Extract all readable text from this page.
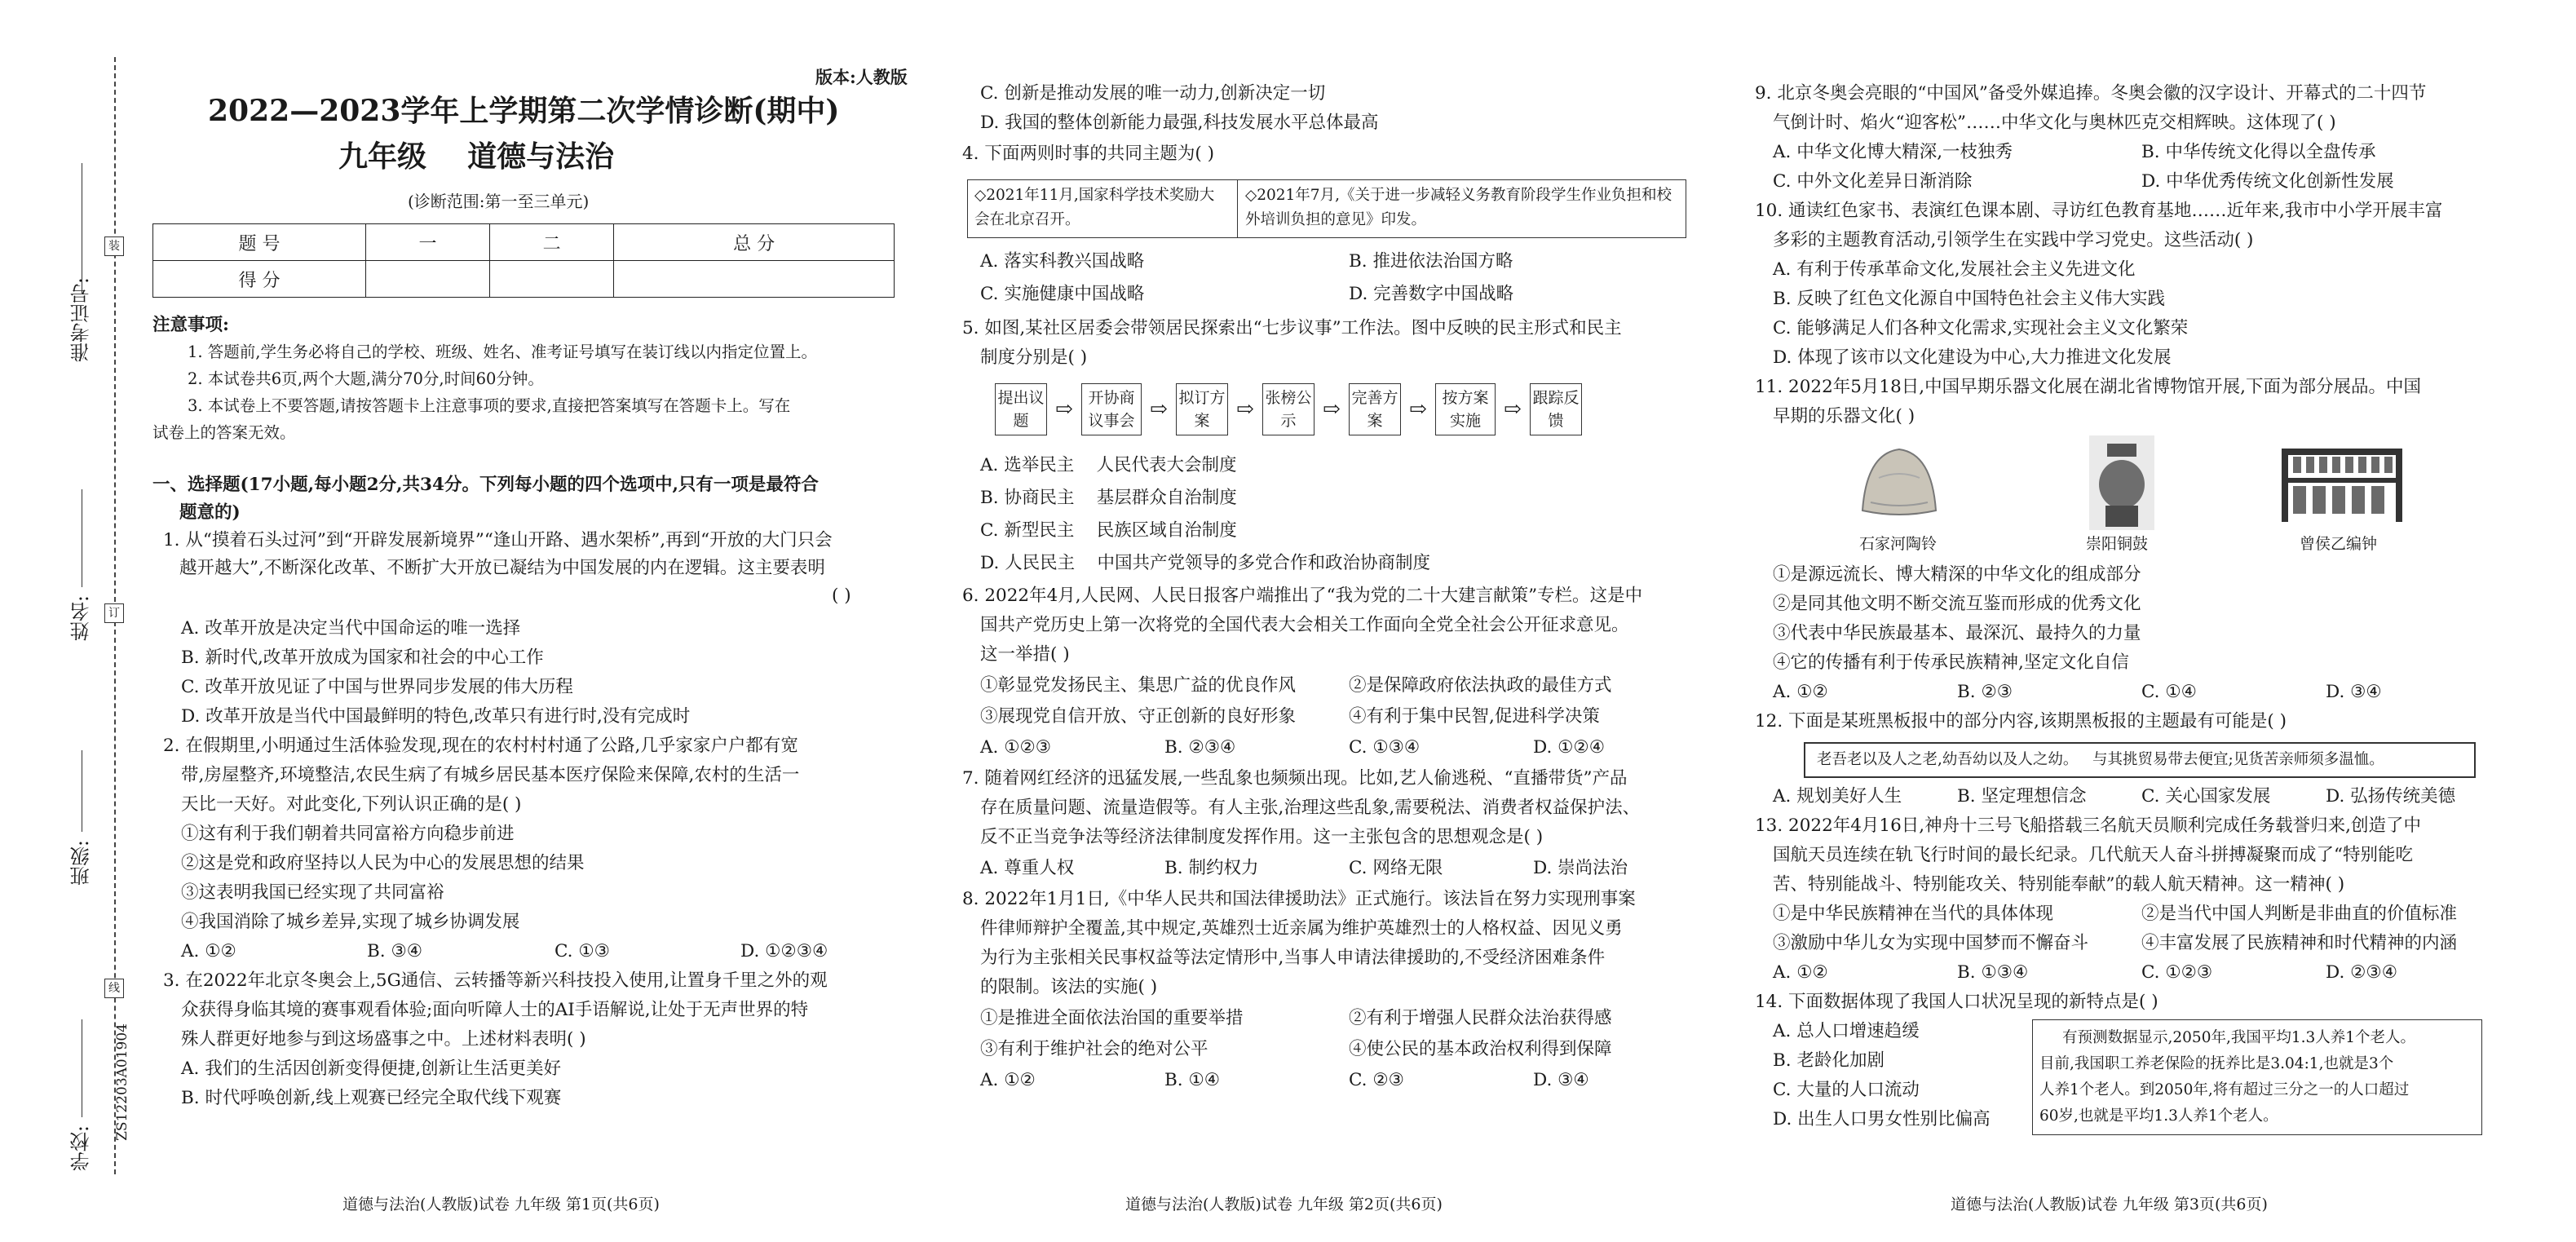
装
订
线
准考证号:
姓名:
班级:
ZS12203A01904
学校:
版本:人教版
2022—2023学年上学期第二次学情诊断(期中)
九年级    道德与法治
(诊断范围:第一至三单元)
题 号	一	二	总 分
得 分			
注意事项:
1. 答题前,学生务必将自己的学校、班级、姓名、准考证号填写在装订线以内指定位置上。
2. 本试卷共6页,两个大题,满分70分,时间60分钟。
3. 本试卷上不要答题,请按答题卡上注意事项的要求,直接把答案填写在答题卡上。写在
试卷上的答案无效。
一、选择题(17小题,每小题2分,共34分。下列每小题的四个选项中,只有一项是最符合
题意的)
1. 从“摸着石头过河”到“开辟发展新境界”“逢山开路、遇水架桥”,再到“开放的大门只会
越开越大”,不断深化改革、不断扩大开放已凝结为中国发展的内在逻辑。这主要表明
( )
A. 改革开放是决定当代中国命运的唯一选择
B. 新时代,改革开放成为国家和社会的中心工作
C. 改革开放见证了中国与世界同步发展的伟大历程
D. 改革开放是当代中国最鲜明的特色,改革只有进行时,没有完成时
2. 在假期里,小明通过生活体验发现,现在的农村村村通了公路,几乎家家户户都有宽
带,房屋整齐,环境整洁,农民生病了有城乡居民基本医疗保险来保障,农村的生活一
天比一天好。对此变化,下列认识正确的是( )
①这有利于我们朝着共同富裕方向稳步前进
②这是党和政府坚持以人民为中心的发展思想的结果
③这表明我国已经实现了共同富裕
④我国消除了城乡差异,实现了城乡协调发展
A. ①②	B. ③④	C. ①③	D. ①②③④
3. 在2022年北京冬奥会上,5G通信、云转播等新兴科技投入使用,让置身千里之外的观
众获得身临其境的赛事观看体验;面向听障人士的AI手语解说,让处于无声世界的特
殊人群更好地参与到这场盛事之中。上述材料表明( )
A. 我们的生活因创新变得便捷,创新让生活更美好
B. 时代呼唤创新,线上观赛已经完全取代线下观赛
道德与法治(人教版)试卷 九年级 第1页(共6页)
C. 创新是推动发展的唯一动力,创新决定一切
D. 我国的整体创新能力最强,科技发展水平总体最高
4. 下面两则时事的共同主题为( )
◇2021年11月,国家科学技术奖励大会在北京召开。
◇2021年7月,《关于进一步减轻义务教育阶段学生作业负担和校外培训负担的意见》印发。
A. 落实科教兴国战略	B. 推进依法治国方略
C. 实施健康中国战略	D. 完善数字中国战略
5. 如图,某社区居委会带领居民探索出“七步议事”工作法。图中反映的民主形式和民主
制度分别是( )
提出议题	⇨ 开协商议事会 ⇨ 拟订方案	⇨ 张榜公示	⇨ 完善方案	⇨ 按方案实施	⇨ 跟踪反馈
A. 选举民主    人民代表大会制度
B. 协商民主    基层群众自治制度
C. 新型民主    民族区域自治制度
D. 人民民主    中国共产党领导的多党合作和政治协商制度
6. 2022年4月,人民网、人民日报客户端推出了“我为党的二十大建言献策”专栏。这是中
国共产党历史上第一次将党的全国代表大会相关工作面向全党全社会公开征求意见。
这一举措( )
①彰显党发扬民主、集思广益的优良作风	②是保障政府依法执政的最佳方式
③展现党自信开放、守正创新的良好形象	④有利于集中民智,促进科学决策
A. ①②③	B. ②③④	C. ①③④	D. ①②④
7. 随着网红经济的迅猛发展,一些乱象也频频出现。比如,艺人偷逃税、“直播带货”产品
存在质量问题、流量造假等。有人主张,治理这些乱象,需要税法、消费者权益保护法、
反不正当竞争法等经济法律制度发挥作用。这一主张包含的思想观念是( )
A. 尊重人权	B. 制约权力	C. 网络无限	D. 崇尚法治
8. 2022年1月1日,《中华人民共和国法律援助法》正式施行。该法旨在努力实现刑事案
件律师辩护全覆盖,其中规定,英雄烈士近亲属为维护英雄烈士的人格权益、因见义勇
为行为主张相关民事权益等法定情形中,当事人申请法律援助的,不受经济困难条件
的限制。该法的实施( )
①是推进全面依法治国的重要举措	②有利于增强人民群众法治获得感
③有利于维护社会的绝对公平	④使公民的基本政治权利得到保障
A. ①②	B. ①④	C. ②③	D. ③④
道德与法治(人教版)试卷 九年级 第2页(共6页)
9. 北京冬奥会亮眼的“中国风”备受外媒追捧。冬奥会徽的汉字设计、开幕式的二十四节
气倒计时、焰火“迎客松”……中华文化与奥林匹克交相辉映。这体现了( )
A. 中华文化博大精深,一枝独秀	B. 中华传统文化得以全盘传承
C. 中外文化差异日渐消除	D. 中华优秀传统文化创新性发展
10. 通读红色家书、表演红色课本剧、寻访红色教育基地……近年来,我市中小学开展丰富
多彩的主题教育活动,引领学生在实践中学习党史。这些活动( )
A. 有利于传承革命文化,发展社会主义先进文化
B. 反映了红色文化源自中国特色社会主义伟大实践
C. 能够满足人们各种文化需求,实现社会主义文化繁荣
D. 体现了该市以文化建设为中心,大力推进文化发展
11. 2022年5月18日,中国早期乐器文化展在湖北省博物馆开展,下面为部分展品。中国
早期的乐器文化( )
石家河陶铃	崇阳铜鼓	曾侯乙编钟
①是源远流长、博大精深的中华文化的组成部分
②是同其他文明不断交流互鉴而形成的优秀文化
③代表中华民族最基本、最深沉、最持久的力量
④它的传播有利于传承民族精神,坚定文化自信
A. ①②	B. ②③	C. ①④	D. ③④
12. 下面是某班黑板报中的部分内容,该期黑板报的主题最有可能是( )
老吾老以及人之老,幼吾幼以及人之幼。   与其挑贸易带去便宜;见货苦亲师须多温恤。
A. 规划美好人生	B. 坚定理想信念	C. 关心国家发展	D. 弘扬传统美德
13. 2022年4月16日,神舟十三号飞船搭载三名航天员顺利完成任务载誉归来,创造了中
国航天员连续在轨飞行时间的最长纪录。几代航天人奋斗拼搏凝聚而成了“特别能吃
苦、特别能战斗、特别能攻关、特别能奉献”的载人航天精神。这一精神( )
①是中华民族精神在当代的具体体现	②是当代中国人判断是非曲直的价值标准
③激励中华儿女为实现中国梦而不懈奋斗	④丰富发展了民族精神和时代精神的内涵
A. ①②	B. ①③④	C. ①②③	D. ②③④
14. 下面数据体现了我国人口状况呈现的新特点是( )
A. 总人口增速趋缓
B. 老龄化加剧
C. 大量的人口流动
D. 出生人口男女性别比偏高
有预测数据显示,2050年,我国平均1.3人养1个老人。
目前,我国职工养老保险的抚养比是3.04:1,也就是3个
人养1个老人。到2050年,将有超过三分之一的人口超过
60岁,也就是平均1.3人养1个老人。
道德与法治(人教版)试卷 九年级 第3页(共6页)
